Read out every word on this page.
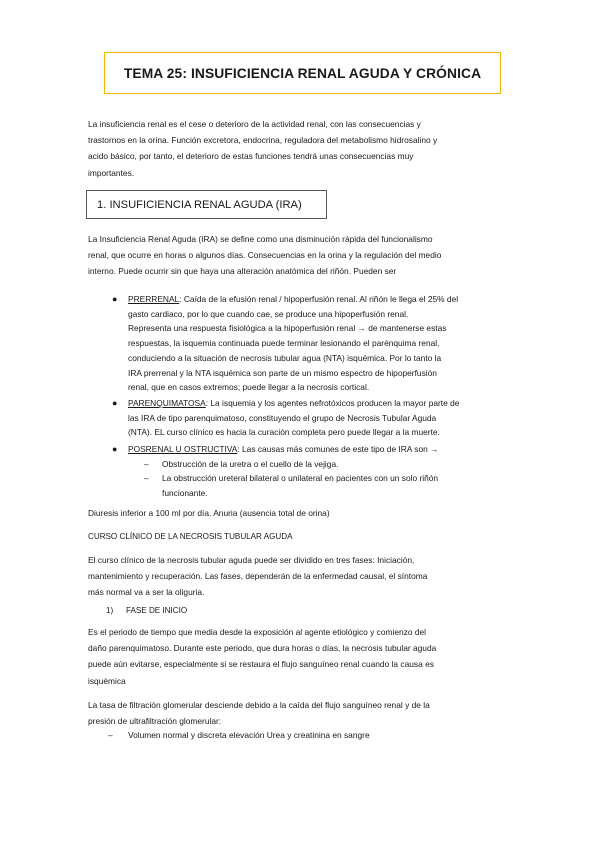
TEMA 25: INSUFICIENCIA RENAL AGUDA Y CRÓNICA

La insuficiencia renal es el cese o deterioro de la actividad renal, con las consecuencias y

trastornos en la orina. Función excretora, endocrina, reguladora del metabolismo hidrosalino y

acido básico, por tanto, el deterioro de estas funciones tendrá unas consecuencias muy

importantes.

1. INSUFICIENCIA RENAL AGUDA (IRA)

La Insuficiencia Renal Aguda (IRA) se define como una disminución rápida del funcionalismo

renal, que ocurre en horas o algunos días. Consecuencias en la orina y la regulación del medio

interno. Puede ocurrir sin que haya una alteración anatómica del riñón. Pueden ser

● PRERRENAL: Caída de la efusión renal / hipoperfusión renal. Al riñón le llega el 25% del

gasto cardiaco, por lo que cuando cae, se produce una hipoperfusión renal.

Representa una respuesta fisiológica a la hipoperfusión renal → de mantenerse estas

respuestas, la isquemia continuada puede terminar lesionando el parénquima renal,

conduciendo a la situación de necrosis tubular agua (NTA) isquémica. Por lo tanto la

IRA prerrenal y la NTA isquémica son parte de un mismo espectro de hipoperfusión

renal, que en casos extremos; puede llegar a la necrosis cortical.

● PARENQUIMATOSA: La isquemia y los agentes nefrotóxicos producen la mayor parte de

las IRA de tipo parenquimatoso, constituyendo el grupo de Necrosis Tubular Aguda

(NTA). EL curso clínico es hacia la curación completa pero puede llegar a la muerte.

● POSRENAL U OSTRUCTIVA: Las causas más comunes de este tipo de IRA son →

– Obstrucción de la uretra o el cuello de la vejiga.
– La obstrucción ureteral bilateral o unilateral en pacientes con un solo riñón

funcionante.

Diuresis inferior a 100 ml por día. Anuria (ausencia total de orina)
CURSO CLÍNICO DE LA NECROSIS TUBULAR AGUDA

El curso clínico de la necrosis tubular aguda puede ser dividido en tres fases: Iniciación,

mantenimiento y recuperación. Las fases, dependerán de la enfermedad causal, el síntoma

más normal va a ser la oliguria.

1)	FASE DE INICIO

Es el periodo de tiempo que media desde la exposición al agente etiológico y comienzo del

daño parenquimatoso. Durante este periodo, que dura horas o días, la necrosis tubular aguda

puede aún evitarse, especialmente si se restaura el flujo sanguíneo renal cuando la causa es

isquémica

La tasa de filtración glomerular desciende debido a la caída del flujo sanguíneo renal y de la

presión de ultrafiltración glomerular:

– Volumen normal y discreta elevación Urea y creatinina en sangre
